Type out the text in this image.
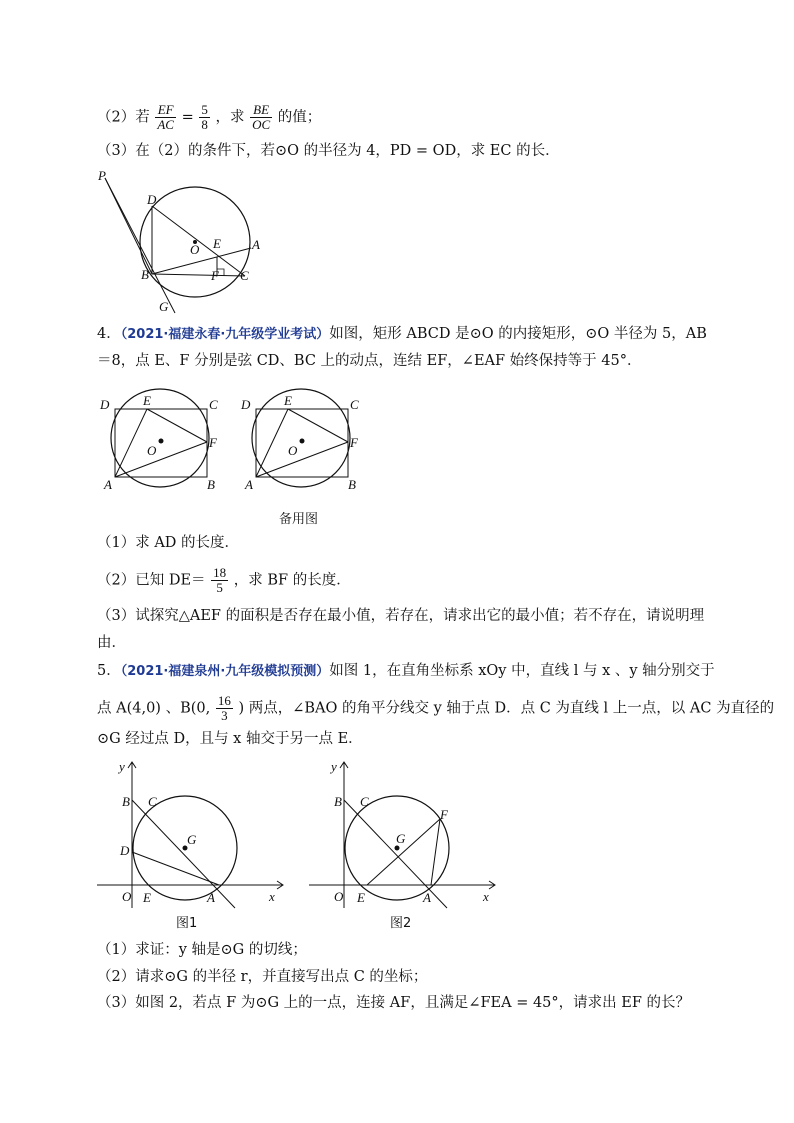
（2）若 $\frac{EF}{AC} = \frac{5}{8}$ ，求 $\frac{BE}{OC}$ 的值；
（3）在（2）的条件下，若⊙O 的半径为 4，PD = OD，求 EC 的长．
P
D
O E A
B	F C
G
4．（2021·福建永春·九年级学业考试）如图，矩形 ABCD 是⊙O 的内接矩形，⊙O 半径为 5，AB
＝8，点 E、F 分别是弦 CD、BC 上的动点，连结 EF，∠EAF 始终保持等于 45°．
D	E	C
O
F
A	B
D	E	C
O
F
A	B
备用图
（1）求 AD 的长度．
（2）已知 $DE= \frac{18}{5}$ ，求 BF 的长度．
（3）试探究△AEF 的面积是否存在最小值，若存在，请求出它的最小值；若不存在，请说明理
由．
5．（2021·福建泉州·九年级模拟预测）如图 1，在直角坐标系 xOy 中，直线 l 与 x 、y 轴分别交于
点 A(4,0) 、B(0, $\frac{16}{3}$ ) 两点，∠BAO 的角平分线交 y 轴于点 D．点 C 为直线 l 上一点，以 AC 为直径的
⊙G 经过点 D，且与 x 轴交于另一点 E．
y
B C
G
D
O E	A	x
图1
y
B C
G
F
O E	A	x
图2
（1）求证：y 轴是⊙G 的切线；
（2）请求⊙G 的半径 r，并直接写出点 C 的坐标；
（3）如图 2，若点 F 为⊙G 上的一点，连接 AF，且满足∠FEA = 45°，请求出 EF 的长？
